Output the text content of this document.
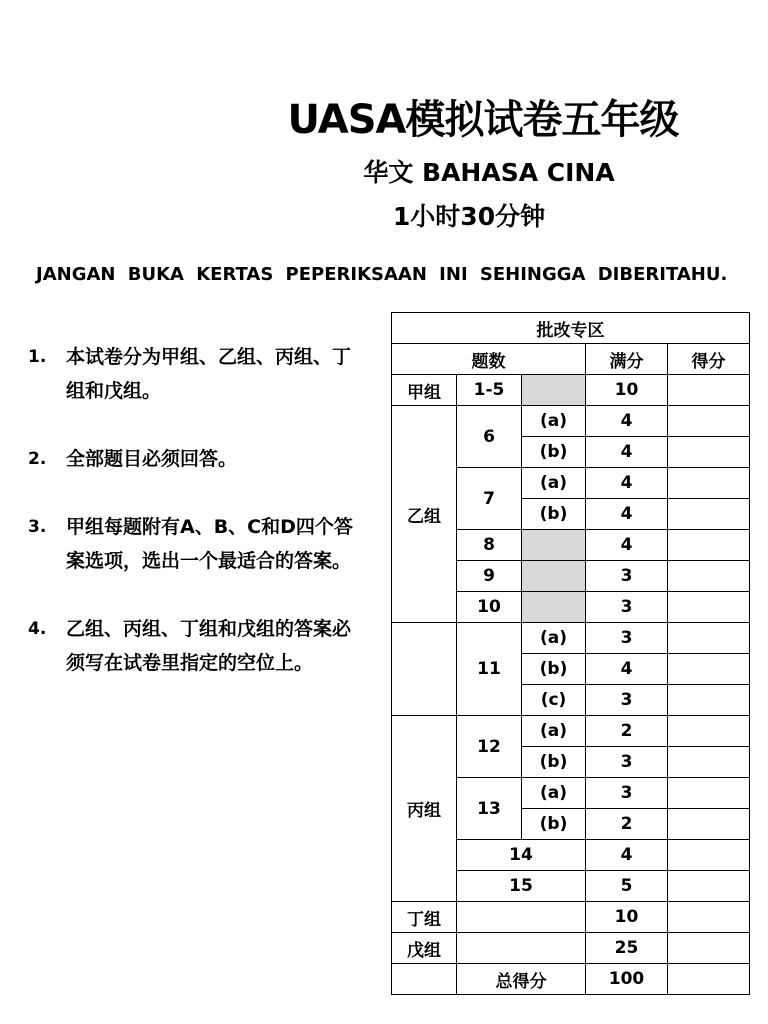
UASA模拟试卷五年级
华文 BAHASA CINA
1小时30分钟
JANGAN BUKA KERTAS PEPERIKSAAN INI SEHINGGA DIBERITAHU.
1. 本试卷分为甲组、乙组、丙组、丁组和戊组。
2. 全部题目必须回答。
3. 甲组每题附有A、B、C和D四个答案选项，选出一个最适合的答案。
4. 乙组、丙组、丁组和戊组的答案必须写在试卷里指定的空位上。
批改专区				
题数			满分	得分
甲组	1-5		10	
乙组	6	(a)	4	
		(b)	4	
	7	(a)	4	
		(b)	4	
	8		4	
	9		3	
	10		3	
	11	(a)	3	
		(b)	4	
		(c)	3	
丙组	12	(a)	2	
		(b)	3	
	13	(a)	3	
		(b)	2	
	14		4	
	15		5	
丁组			10	
戊组			25	
	总得分		100	
